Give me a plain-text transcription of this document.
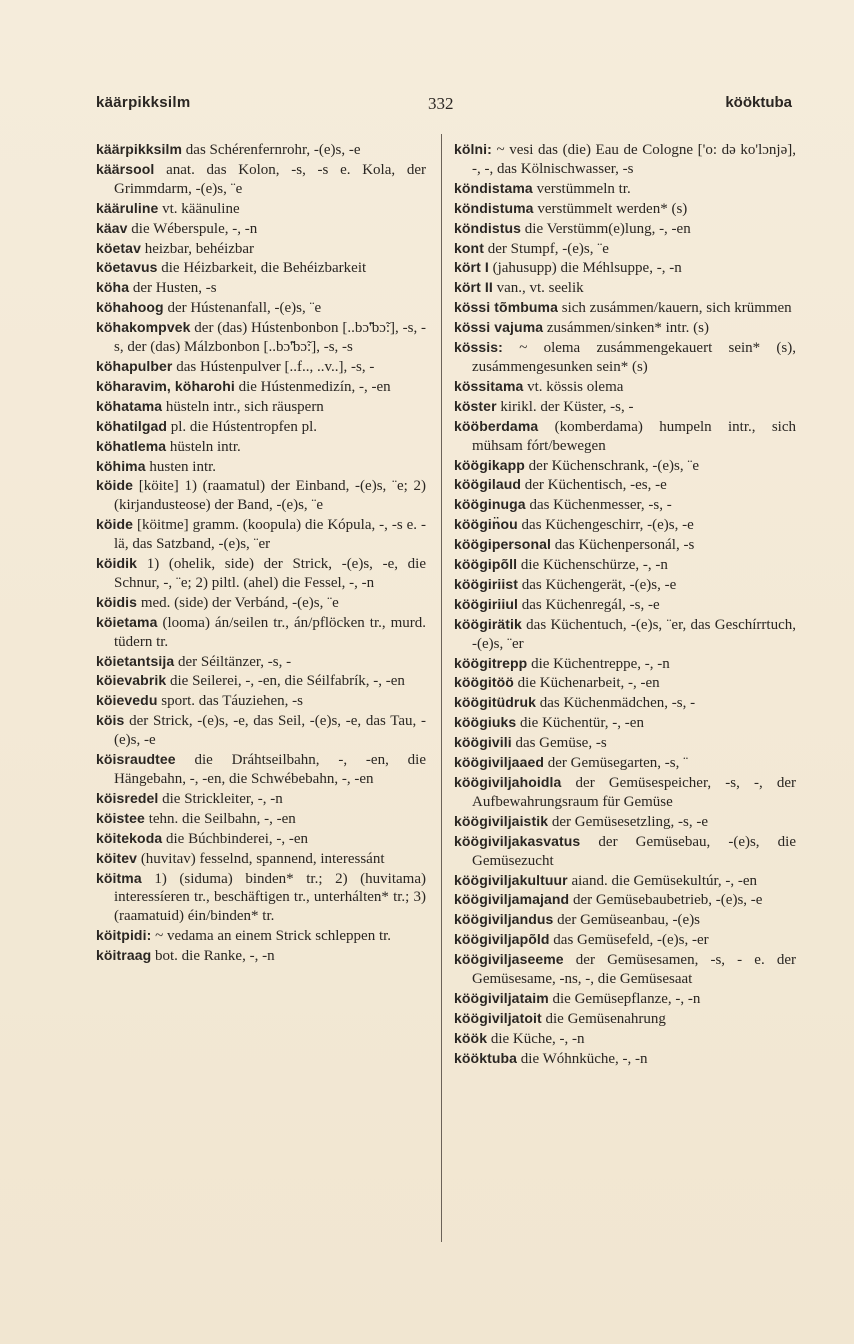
käärpikksilm	332	kööktuba

käärpikksilm das Schérenfernrohr, -(e)s, -e

käärsool anat. das Kolon, -s, -s e. Kola, der Grimmdarm, -(e)s, ¨e

kääruline vt. käänuline

käav die Wéberspule, -, -n

köetav heizbar, behéizbar

köetavus die Héizbarkeit, die Behéizbarkeit

köha der Husten, -s

köhahoog der Hústenanfall, -(e)s, ¨e

köhakompvek der (das) Hústenbonbon [..bɔ̃'bɔ̃:], -s, -s, der (das) Málzbonbon [..bɔ̃'bɔ̃:], -s, -s

köhapulber das Hústenpulver [..f.., ..v..], -s, -

köharavim, köharohi die Hústenmedizín, -, -en

köhatama hüsteln intr., sich räuspern

köhatilgad pl. die Hústentropfen pl.

köhatlema hüsteln intr.

köhima husten intr.

köide [köite] 1) (raamatul) der Einband, -(e)s, ¨e; 2) (kirjandusteose) der Band, -(e)s, ¨e

köide [köitme] gramm. (koopula) die Kópula, -, -s e. -lä, das Satzband, -(e)s, ¨er

köidik 1) (ohelik, side) der Strick, -(e)s, -e, die Schnur, -, ¨e; 2) piltl. (ahel) die Fessel, -, -n

köidis med. (side) der Verbánd, -(e)s, ¨e

köietama (looma) án/seilen tr., án/pflöcken tr., murd. tüdern tr.

köietantsija der Séiltänzer, -s, -

köievabrik die Seilerei, -, -en, die Séilfabrík, -, -en

köievedu sport. das Táuziehen, -s

köis der Strick, -(e)s, -e, das Seil, -(e)s, -e, das Tau, -(e)s, -e

köisraudtee die Dráhtseilbahn, -, -en, die Hängebahn, -, -en, die Schwébebahn, -, -en

köisredel die Strickleiter, -, -n

köistee tehn. die Seilbahn, -, -en

köitekoda die Búchbinderei, -, -en

köitev (huvitav) fesselnd, spannend, interessánt

köitma 1) (siduma) binden* tr.; 2) (huvitama) interessíeren tr., beschäftigen tr., unterhálten* tr.; 3) (raamatuid) éin/binden* tr.

köitpidi: ~ vedama an einem Strick schleppen tr.

köitraag bot. die Ranke, -, -n

kölni: ~ vesi das (die) Eau de Cologne ['o: də ko'lɔnjə], -, -, das Kölnischwasser, -s

köndistama verstümmeln tr.

köndistuma verstümmelt werden* (s)

köndistus die Verstümm(e)lung, -, -en

kont der Stumpf, -(e)s, ¨e

kört I (jahusupp) die Méhlsuppe, -, -n

kört II van., vt. seelik

kössi tõmbuma sich zusámmen/kauern, sich krümmen

kössi vajuma zusámmen/sinken* intr. (s)

kössis: ~ olema zusámmengekauert sein* (s), zusámmengesunken sein* (s)

kössitama vt. kössis olema

köster kirikl. der Küster, -s, -

kööberdama (komberdama) humpeln intr., sich mühsam fórt/bewegen

köögikapp der Küchenschrank, -(e)s, ¨e

köögilaud der Küchentisch, -es, -e

kööginuga das Küchenmesser, -s, -

köögin̈ou das Küchengeschirr, -(e)s, -e

köögipersonal das Küchenpersonál, -s

köögipõll die Küchenschürze, -, -n

köögiriist das Küchengerät, -(e)s, -e

köögiriiul das Küchenregál, -s, -e

köögirätik das Küchentuch, -(e)s, ¨er, das Geschírrtuch, -(e)s, ¨er

köögitrepp die Küchentreppe, -, -n

köögitöö die Küchenarbeit, -, -en

köögitüdruk das Küchenmädchen, -s, -

köögiuks die Küchentür, -, -en

köögivili das Gemüse, -s

köögiviljaaed der Gemüsegarten, -s, ¨

köögiviljahoidla der Gemüsespeicher, -s, -, der Aufbewahrungsraum für Gemüse

köögiviljaistik der Gemüsesetzling, -s, -e

köögiviljakasvatus der Gemüsebau, -(e)s, die Gemüsezucht

köögiviljakultuur aiand. die Gemüsekultúr, -, -en

köögiviljamajand der Gemüsebaubetrieb, -(e)s, -e

köögiviljandus der Gemüseanbau, -(e)s

köögiviljapõld das Gemüsefeld, -(e)s, -er

köögiviljaseeme der Gemüsesamen, -s, - e. der Gemüsesame, -ns, -, die Gemüsesaat

köögiviljataim die Gemüsepflanze, -, -n

köögiviljatoit die Gemüsenahrung

köök die Küche, -, -n

kööktuba die Wóhnküche, -, -n
